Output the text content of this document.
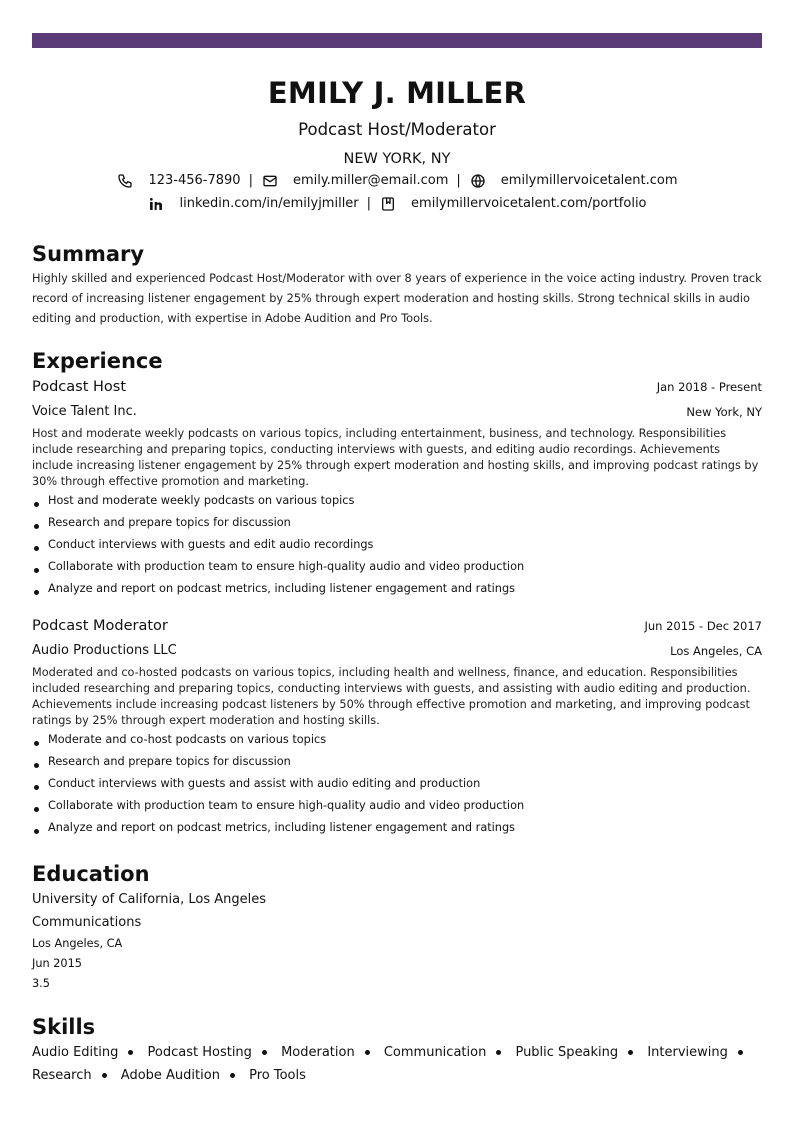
EMILY J. MILLER
Podcast Host/Moderator
NEW YORK, NY
123-456-7890 |	emily.miller@email.com |	emilymillervoicetalent.com
linkedin.com/in/emilyjmiller |	emilymillervoicetalent.com/portfolio
Summary
Highly skilled and experienced Podcast Host/Moderator with over 8 years of experience in the voice acting industry. Proven track record of increasing listener engagement by 25% through expert moderation and hosting skills. Strong technical skills in audio editing and production, with expertise in Adobe Audition and Pro Tools.
Experience
Podcast Host	Jan 2018 - Present
Voice Talent Inc.	New York, NY
Host and moderate weekly podcasts on various topics, including entertainment, business, and technology. Responsibilities include researching and preparing topics, conducting interviews with guests, and editing audio recordings. Achievements include increasing listener engagement by 25% through expert moderation and hosting skills, and improving podcast ratings by 30% through effective promotion and marketing.
Host and moderate weekly podcasts on various topics
Research and prepare topics for discussion
Conduct interviews with guests and edit audio recordings
Collaborate with production team to ensure high-quality audio and video production
Analyze and report on podcast metrics, including listener engagement and ratings
Podcast Moderator	Jun 2015 - Dec 2017
Audio Productions LLC	Los Angeles, CA
Moderated and co-hosted podcasts on various topics, including health and wellness, finance, and education. Responsibilities included researching and preparing topics, conducting interviews with guests, and assisting with audio editing and production. Achievements include increasing podcast listeners by 50% through effective promotion and marketing, and improving podcast ratings by 25% through expert moderation and hosting skills.
Moderate and co-host podcasts on various topics
Research and prepare topics for discussion
Conduct interviews with guests and assist with audio editing and production
Collaborate with production team to ensure high-quality audio and video production
Analyze and report on podcast metrics, including listener engagement and ratings
Education
University of California, Los Angeles
Communications
Los Angeles, CA
Jun 2015
3.5
Skills
Audio Editing Podcast Hosting Moderation Communication Public Speaking Interviewing Research Adobe Audition Pro Tools
